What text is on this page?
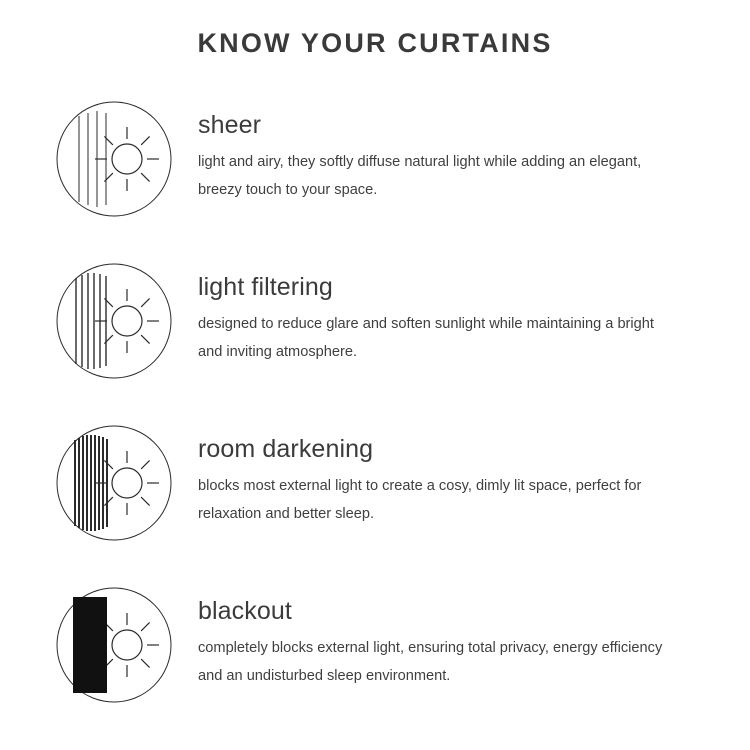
KNOW YOUR CURTAINS
sheer

light and airy, they softly diffuse natural light while adding an elegant, breezy touch to your space.

light filtering

designed to reduce glare and soften sunlight while maintaining a bright and inviting atmosphere.

room darkening

blocks most external light to create a cosy, dimly lit space, perfect for relaxation and better sleep.

blackout

completely blocks external light, ensuring total privacy, energy efficiency and an undisturbed sleep environment.
